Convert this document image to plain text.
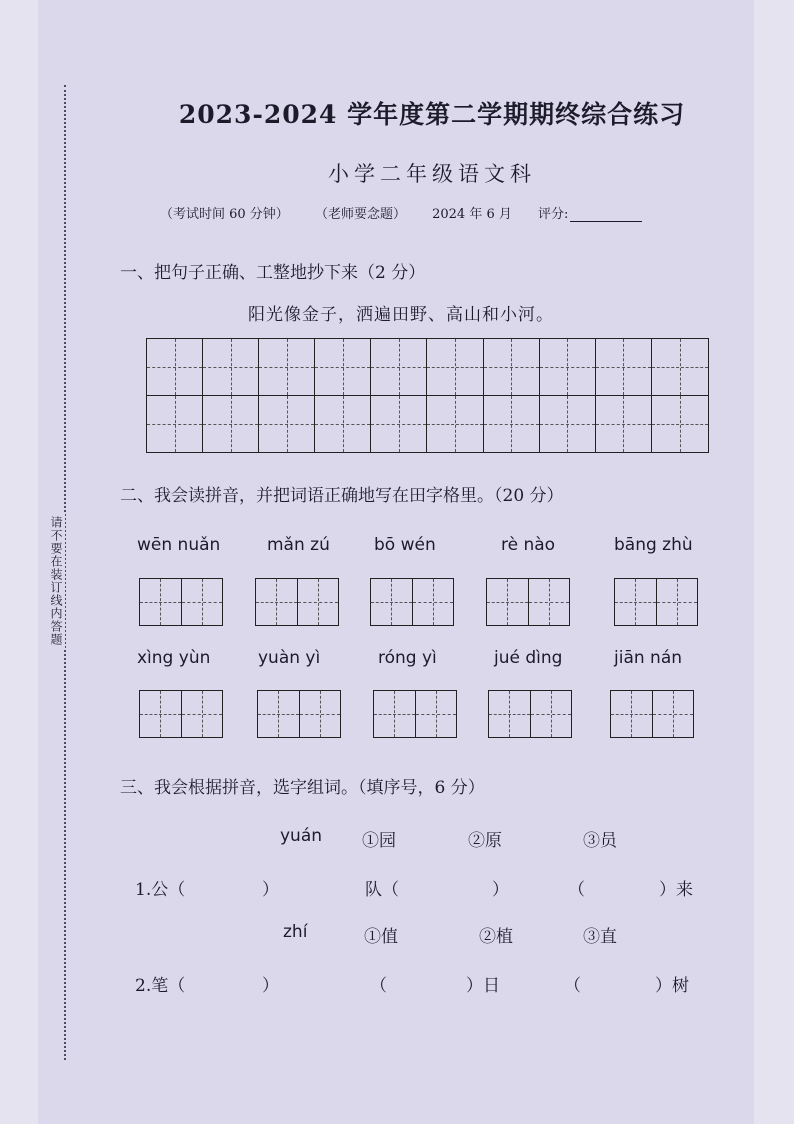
请不要在装订线内答题
2023-2024 学年度第二学期期终综合练习
小学二年级语文科
（考试时间 60 分钟） （老师要念题） 2024 年 6 月 评分:
一、把句子正确、工整地抄下来（2 分）
阳光像金子，洒遍田野、高山和小河。
二、我会读拼音，并把词语正确地写在田字格里。（20 分）
wēn nuǎn	mǎn zú	bō wén	rè nào	bāng zhù
xìng yùn	yuàn yì	róng yì	jué dìng	jiān nán
三、我会根据拼音，选字组词。（填序号，6 分）
yuán ①园	②原	③员
1.公（	）	队（	）	（	）来
zhí	①值	②植	③直
2.笔（	）	（	）日	（	）树
